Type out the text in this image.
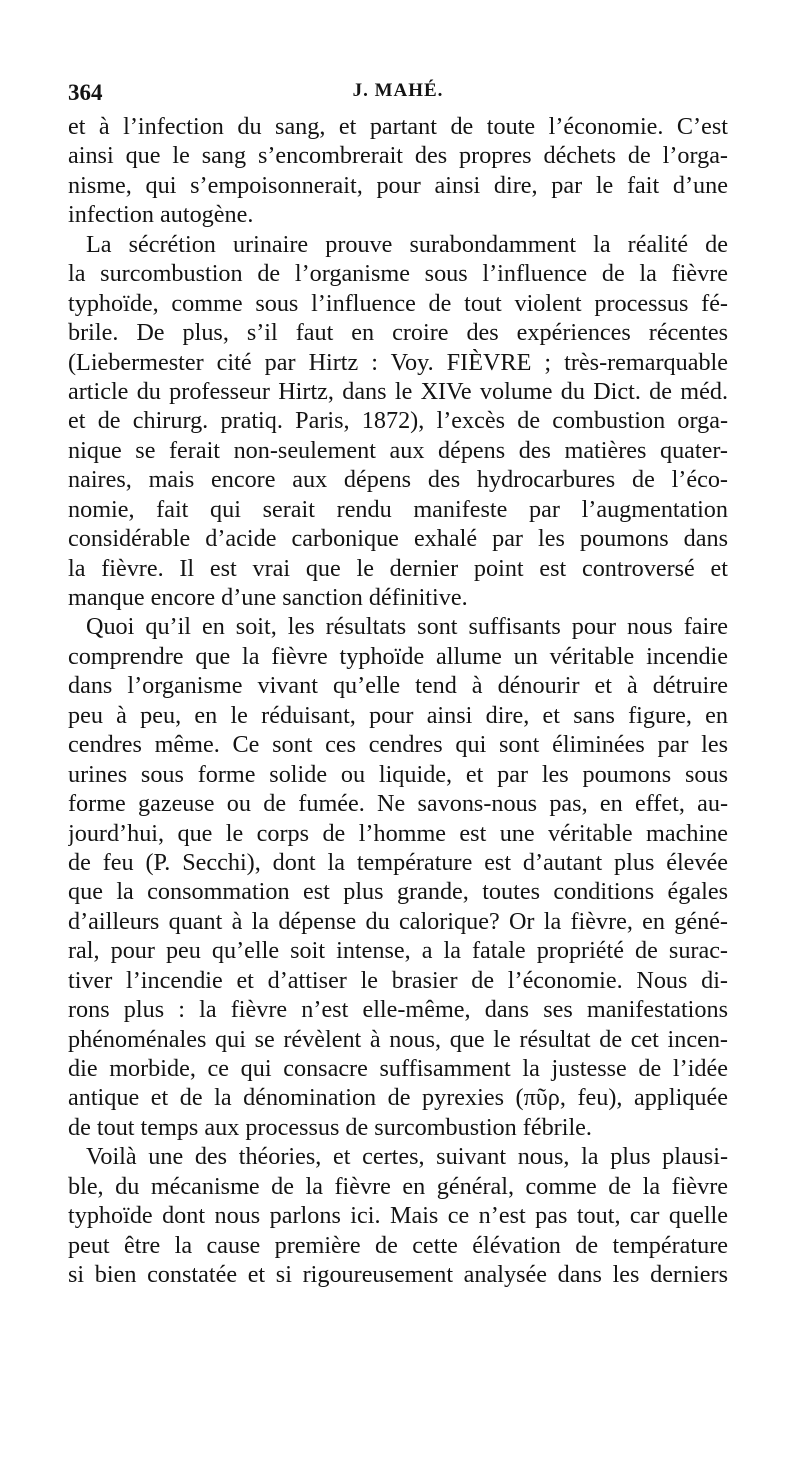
364	J. MAHÉ.
et à l’infection du sang, et partant de toute l’économie. C’est
ainsi que le sang s’encombrerait des propres déchets de l’orga-
nisme, qui s’empoisonnerait, pour ainsi dire, par le fait d’une
infection autogène.
La sécrétion urinaire prouve surabondamment la réalité de
la surcombustion de l’organisme sous l’influence de la fièvre
typhoïde, comme sous l’influence de tout violent processus fé-
brile. De plus, s’il faut en croire des expériences récentes
(Liebermester cité par Hirtz : Voy. FIÈVRE ; très-remarquable
article du professeur Hirtz, dans le XIVe volume du Dict. de méd.
et de chirurg. pratiq. Paris, 1872), l’excès de combustion orga-
nique se ferait non-seulement aux dépens des matières quater-
naires, mais encore aux dépens des hydrocarbures de l’éco-
nomie, fait qui serait rendu manifeste par l’augmentation
considérable d’acide carbonique exhalé par les poumons dans
la fièvre. Il est vrai que le dernier point est controversé et
manque encore d’une sanction définitive.
Quoi qu’il en soit, les résultats sont suffisants pour nous faire
comprendre que la fièvre typhoïde allume un véritable incendie
dans l’organisme vivant qu’elle tend à dénourir et à détruire
peu à peu, en le réduisant, pour ainsi dire, et sans figure, en
cendres même. Ce sont ces cendres qui sont éliminées par les
urines sous forme solide ou liquide, et par les poumons sous
forme gazeuse ou de fumée. Ne savons-nous pas, en effet, au-
jourd’hui, que le corps de l’homme est une véritable machine
de feu (P. Secchi), dont la température est d’autant plus élevée
que la consommation est plus grande, toutes conditions égales
d’ailleurs quant à la dépense du calorique? Or la fièvre, en géné-
ral, pour peu qu’elle soit intense, a la fatale propriété de surac-
tiver l’incendie et d’attiser le brasier de l’économie. Nous di-
rons plus : la fièvre n’est elle-même, dans ses manifestations
phénoménales qui se révèlent à nous, que le résultat de cet incen-
die morbide, ce qui consacre suffisamment la justesse de l’idée
antique et de la dénomination de pyrexies (πῦρ, feu), appliquée
de tout temps aux processus de surcombustion fébrile.
Voilà une des théories, et certes, suivant nous, la plus plausi-
ble, du mécanisme de la fièvre en général, comme de la fièvre
typhoïde dont nous parlons ici. Mais ce n’est pas tout, car quelle
peut être la cause première de cette élévation de température
si bien constatée et si rigoureusement analysée dans les derniers
